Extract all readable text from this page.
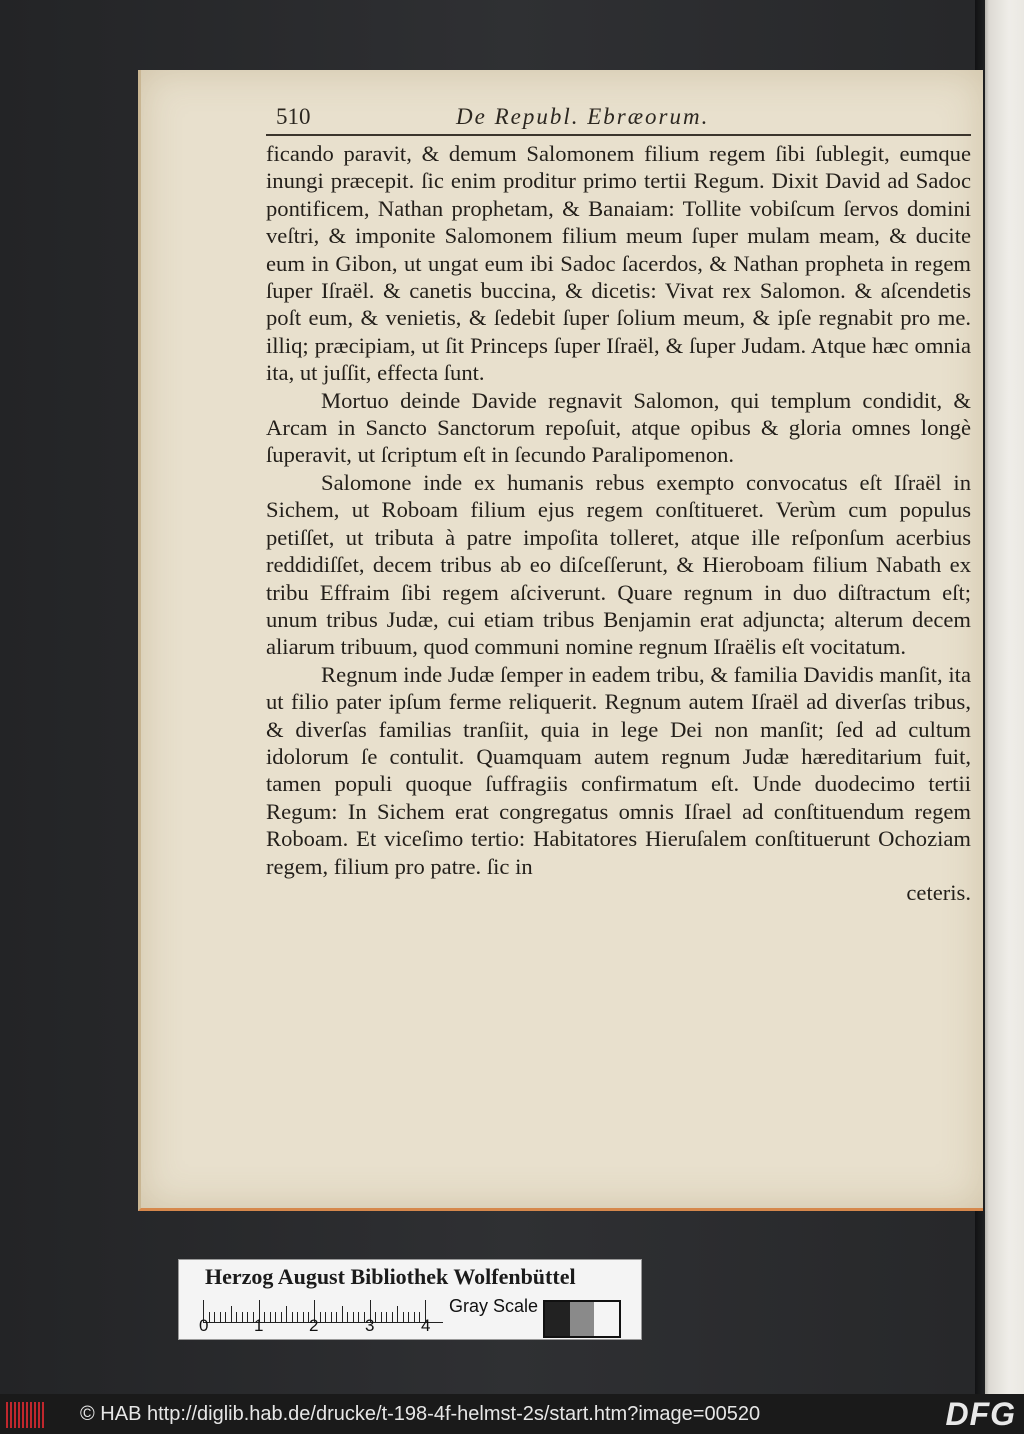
510	De Republ. Ebræorum.

ficando paravit, & demum Salomonem filium regem ſibi ſublegit, eumque inungi præcepit. ſic enim proditur primo tertii Regum. Dixit David ad Sadoc pontificem, Nathan prophetam, & Banaiam: Tollite vobiſcum ſervos domini veſtri, & imponite Salomonem filium meum ſuper mulam meam, & ducite eum in Gibon, ut ungat eum ibi Sadoc ſacerdos, & Nathan propheta in regem ſuper Iſraël. & canetis buccina, & dicetis: Vivat rex Salomon. & aſcendetis poſt eum, & venietis, & ſedebit ſuper ſolium meum, & ipſe regnabit pro me. illiq; præcipiam, ut ſit Princeps ſuper Iſraël, & ſuper Judam. Atque hæc omnia ita, ut juſſit, effecta ſunt.

Mortuo deinde Davide regnavit Salomon, qui templum condidit, & Arcam in Sancto Sanctorum repoſuit, atque opibus & gloria omnes longè ſuperavit, ut ſcriptum eſt in ſecundo Paralipomenon.

Salomone inde ex humanis rebus exempto convocatus eſt Iſraël in Sichem, ut Roboam filium ejus regem conſtitueret. Verùm cum populus petiſſet, ut tributa à patre impoſita tolleret, atque ille reſponſum acerbius reddidiſſet, decem tribus ab eo diſceſſerunt, & Hieroboam filium Nabath ex tribu Effraim ſibi regem aſciverunt. Quare regnum in duo diſtractum eſt; unum tribus Judæ, cui etiam tribus Benjamin erat adjuncta; alterum decem aliarum tribuum, quod communi nomine regnum Iſraëlis eſt vocitatum.

Regnum inde Judæ ſemper in eadem tribu, & familia Davidis manſit, ita ut filio pater ipſum ferme reliquerit. Regnum autem Iſraël ad diverſas tribus, & diverſas familias tranſiit, quia in lege Dei non manſit; ſed ad cultum idolorum ſe contulit. Quamquam autem regnum Judæ hæreditarium fuit, tamen populi quoque ſuffragiis confirmatum eſt. Unde duodecimo tertii Regum: In Sichem erat congregatus omnis Iſrael ad conſtituendum regem Roboam. Et viceſimo tertio: Habitatores Hieruſalem conſtituerunt Ochoziam regem, filium pro patre. ſic in

ceteris.
Herzog August Bibliothek Wolfenbüttel
0	1	2	3	4
Gray Scale
© HAB http://diglib.hab.de/drucke/t-198-4f-helmst-2s/start.htm?image=00520	DFG
